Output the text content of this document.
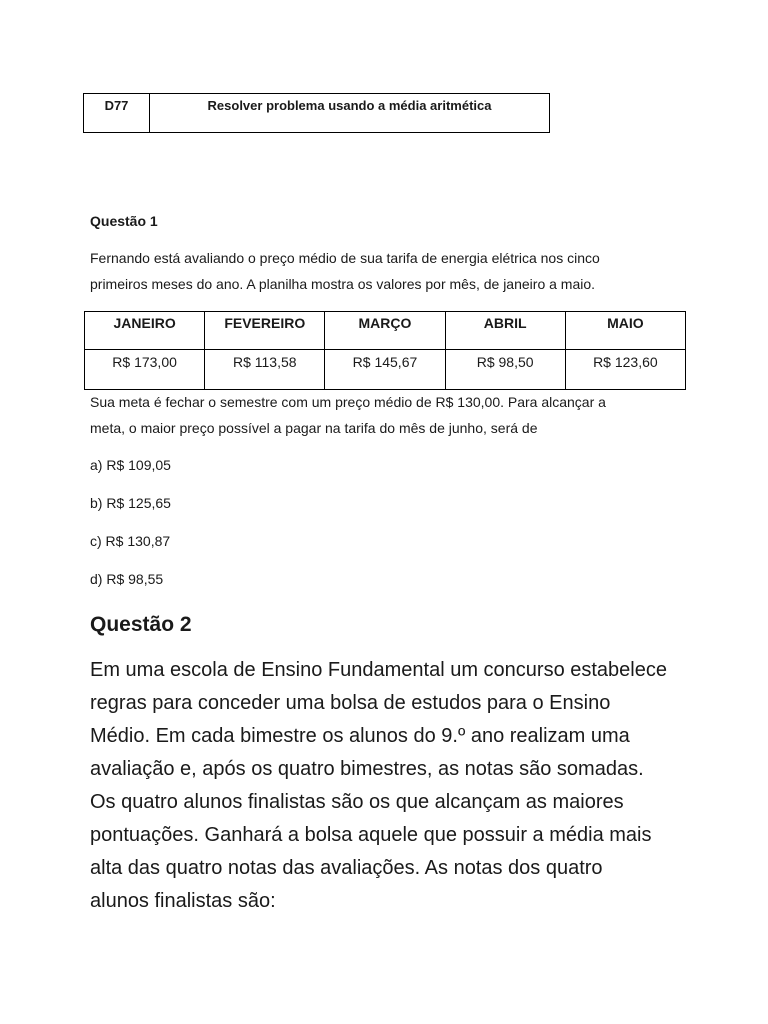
D77	Resolver problema usando a média aritmética
Questão 1
Fernando está avaliando o preço médio de sua tarifa de energia elétrica nos cinco
primeiros meses do ano. A planilha mostra os valores por mês, de janeiro a maio.
JANEIRO	FEVEREIRO	MARÇO	ABRIL	MAIO
R$ 173,00	R$ 113,58	R$ 145,67	R$ 98,50	R$ 123,60
Sua meta é fechar o semestre com um preço médio de R$ 130,00. Para alcançar a
meta, o maior preço possível a pagar na tarifa do mês de junho, será de
a) R$ 109,05
b) R$ 125,65
c) R$ 130,87
d) R$ 98,55
Questão 2
Em uma escola de Ensino Fundamental um concurso estabelece
regras para conceder uma bolsa de estudos para o Ensino
Médio. Em cada bimestre os alunos do 9.º ano realizam uma
avaliação e, após os quatro bimestres, as notas são somadas.
Os quatro alunos finalistas são os que alcançam as maiores
pontuações. Ganhará a bolsa aquele que possuir a média mais
alta das quatro notas das avaliações. As notas dos quatro
alunos finalistas são:
